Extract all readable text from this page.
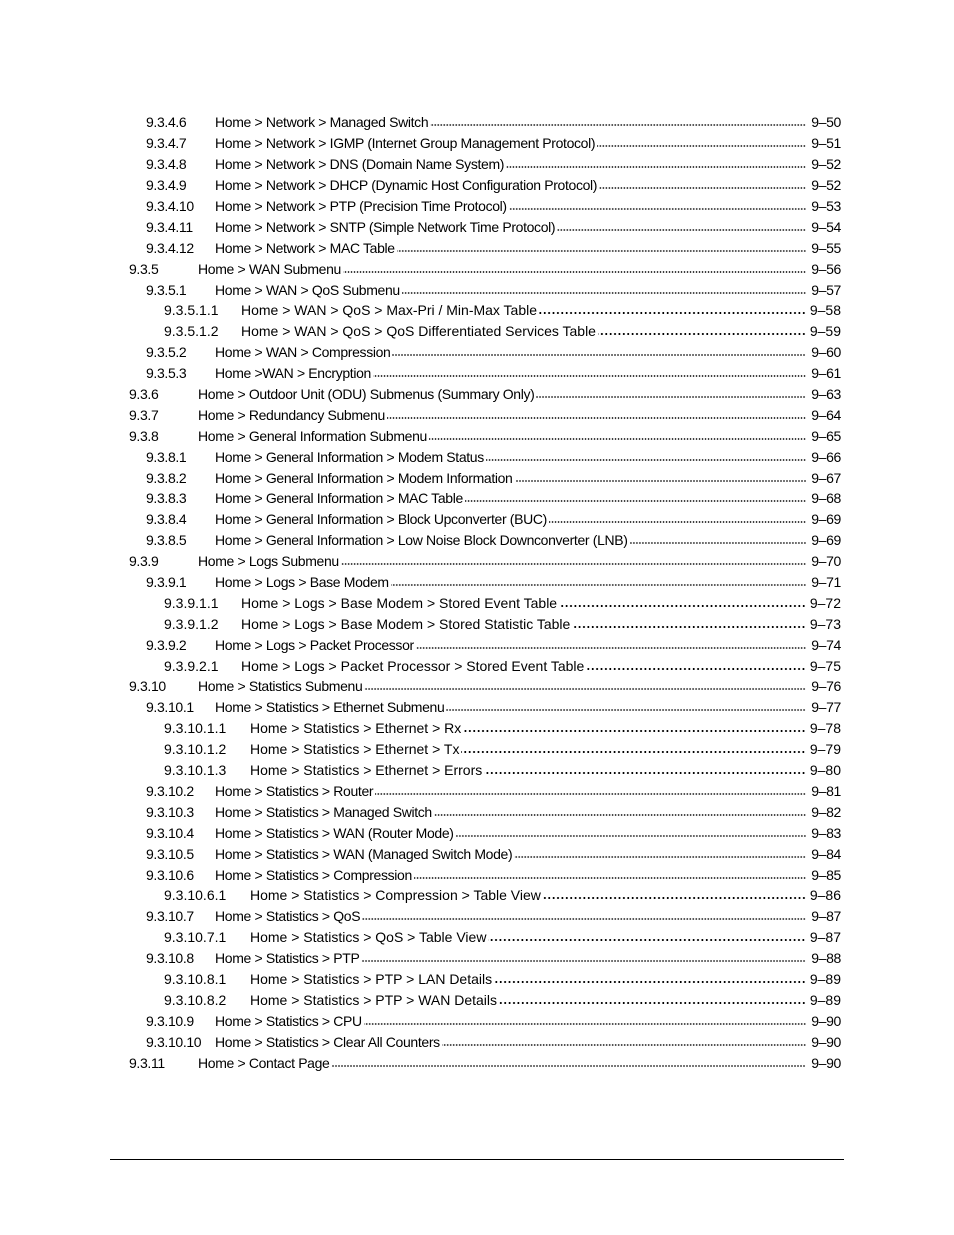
9.3.4.6	Home > Network > Managed Switch	9–50
9.3.4.7	Home > Network > IGMP (Internet Group Management Protocol)	9–51
9.3.4.8	Home > Network > DNS (Domain Name System)	9–52
9.3.4.9	Home > Network > DHCP (Dynamic Host Configuration Protocol)	9–52
9.3.4.10	Home > Network > PTP (Precision Time Protocol)	9–53
9.3.4.11	Home > Network > SNTP (Simple Network Time Protocol)	9–54
9.3.4.12	Home > Network > MAC Table	9–55
9.3.5	Home > WAN Submenu	9–56
9.3.5.1	Home > WAN > QoS Submenu	9–57
9.3.5.1.1	Home > WAN > QoS > Max-Pri / Min-Max Table	9–58
9.3.5.1.2	Home > WAN > QoS > QoS Differentiated Services Table	9–59
9.3.5.2	Home > WAN > Compression	9–60
9.3.5.3	Home >WAN > Encryption	9–61
9.3.6	Home > Outdoor Unit (ODU) Submenus (Summary Only)	9–63
9.3.7	Home > Redundancy Submenu	9–64
9.3.8	Home > General Information Submenu	9–65
9.3.8.1	Home > General Information > Modem Status	9–66
9.3.8.2	Home > General Information > Modem Information	9–67
9.3.8.3	Home > General Information > MAC Table	9–68
9.3.8.4	Home > General Information > Block Upconverter (BUC)	9–69
9.3.8.5	Home > General Information > Low Noise Block Downconverter (LNB)	9–69
9.3.9	Home > Logs Submenu	9–70
9.3.9.1	Home > Logs > Base Modem	9–71
9.3.9.1.1	Home > Logs > Base Modem > Stored Event Table	9–72
9.3.9.1.2	Home > Logs > Base Modem > Stored Statistic Table	9–73
9.3.9.2	Home > Logs > Packet Processor	9–74
9.3.9.2.1	Home > Logs > Packet Processor > Stored Event Table	9–75
9.3.10	Home > Statistics Submenu	9–76
9.3.10.1	Home > Statistics > Ethernet Submenu	9–77
9.3.10.1.1	Home > Statistics > Ethernet > Rx	9–78
9.3.10.1.2	Home > Statistics > Ethernet > Tx	9–79
9.3.10.1.3	Home > Statistics > Ethernet > Errors	9–80
9.3.10.2	Home > Statistics > Router	9–81
9.3.10.3	Home > Statistics > Managed Switch	9–82
9.3.10.4	Home > Statistics > WAN (Router Mode)	9–83
9.3.10.5	Home > Statistics > WAN (Managed Switch Mode)	9–84
9.3.10.6	Home > Statistics > Compression	9–85
9.3.10.6.1	Home > Statistics > Compression > Table View	9–86
9.3.10.7	Home > Statistics > QoS	9–87
9.3.10.7.1	Home > Statistics > QoS > Table View	9–87
9.3.10.8	Home > Statistics > PTP	9–88
9.3.10.8.1	Home > Statistics > PTP > LAN Details	9–89
9.3.10.8.2	Home > Statistics > PTP > WAN Details	9–89
9.3.10.9	Home > Statistics > CPU	9–90
9.3.10.10 Home > Statistics > Clear All Counters	9–90
9.3.11	Home > Contact Page	9–90
